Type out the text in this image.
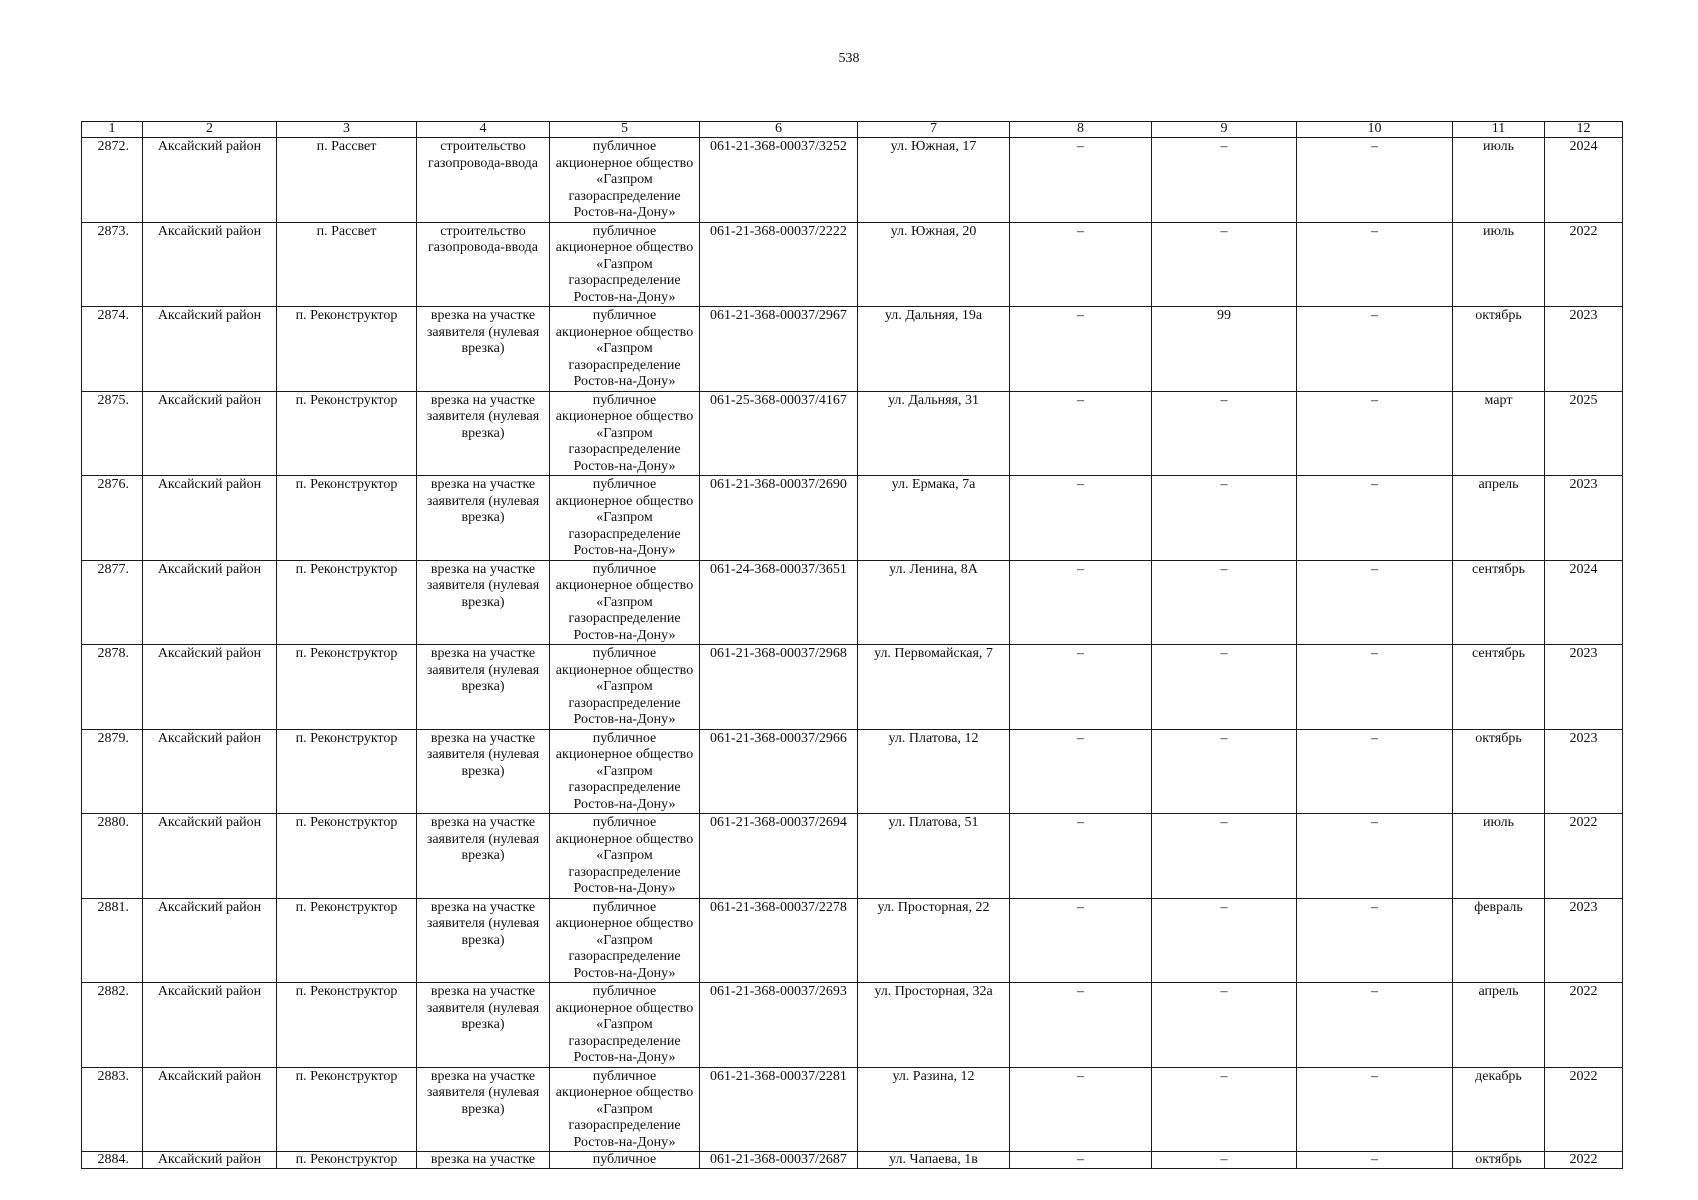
538
1	2	3	4	5	6	7	8	9	10	11	12
2872.	Аксайский район	п. Рассвет	строительство газопровода-ввода	публичное акционерное общество «Газпром газораспределение Ростов-на-Дону»	061-21-368-00037/3252	ул. Южная, 17	–	–	–	июль	2024
2873.	Аксайский район	п. Рассвет	строительство газопровода-ввода	публичное акционерное общество «Газпром газораспределение Ростов-на-Дону»	061-21-368-00037/2222	ул. Южная, 20	–	–	–	июль	2022
2874.	Аксайский район	п. Реконструктор	врезка на участке заявителя (нулевая врезка)	публичное акционерное общество «Газпром газораспределение Ростов-на-Дону»	061-21-368-00037/2967	ул. Дальняя, 19а	–	99	–	октябрь	2023
2875.	Аксайский район	п. Реконструктор	врезка на участке заявителя (нулевая врезка)	публичное акционерное общество «Газпром газораспределение Ростов-на-Дону»	061-25-368-00037/4167	ул. Дальняя, 31	–	–	–	март	2025
2876.	Аксайский район	п. Реконструктор	врезка на участке заявителя (нулевая врезка)	публичное акционерное общество «Газпром газораспределение Ростов-на-Дону»	061-21-368-00037/2690	ул. Ермака, 7а	–	–	–	апрель	2023
2877.	Аксайский район	п. Реконструктор	врезка на участке заявителя (нулевая врезка)	публичное акционерное общество «Газпром газораспределение Ростов-на-Дону»	061-24-368-00037/3651	ул. Ленина, 8А	–	–	–	сентябрь	2024
2878.	Аксайский район	п. Реконструктор	врезка на участке заявителя (нулевая врезка)	публичное акционерное общество «Газпром газораспределение Ростов-на-Дону»	061-21-368-00037/2968	ул. Первомайская, 7	–	–	–	сентябрь	2023
2879.	Аксайский район	п. Реконструктор	врезка на участке заявителя (нулевая врезка)	публичное акционерное общество «Газпром газораспределение Ростов-на-Дону»	061-21-368-00037/2966	ул. Платова, 12	–	–	–	октябрь	2023
2880.	Аксайский район	п. Реконструктор	врезка на участке заявителя (нулевая врезка)	публичное акционерное общество «Газпром газораспределение Ростов-на-Дону»	061-21-368-00037/2694	ул. Платова, 51	–	–	–	июль	2022
2881.	Аксайский район	п. Реконструктор	врезка на участке заявителя (нулевая врезка)	публичное акционерное общество «Газпром газораспределение Ростов-на-Дону»	061-21-368-00037/2278	ул. Просторная, 22	–	–	–	февраль	2023
2882.	Аксайский район	п. Реконструктор	врезка на участке заявителя (нулевая врезка)	публичное акционерное общество «Газпром газораспределение Ростов-на-Дону»	061-21-368-00037/2693	ул. Просторная, 32а	–	–	–	апрель	2022
2883.	Аксайский район	п. Реконструктор	врезка на участке заявителя (нулевая врезка)	публичное акционерное общество «Газпром газораспределение Ростов-на-Дону»	061-21-368-00037/2281	ул. Разина, 12	–	–	–	декабрь	2022
2884.	Аксайский район	п. Реконструктор	врезка на участке	публичное	061-21-368-00037/2687	ул. Чапаева, 1в	–	–	–	октябрь	2022
